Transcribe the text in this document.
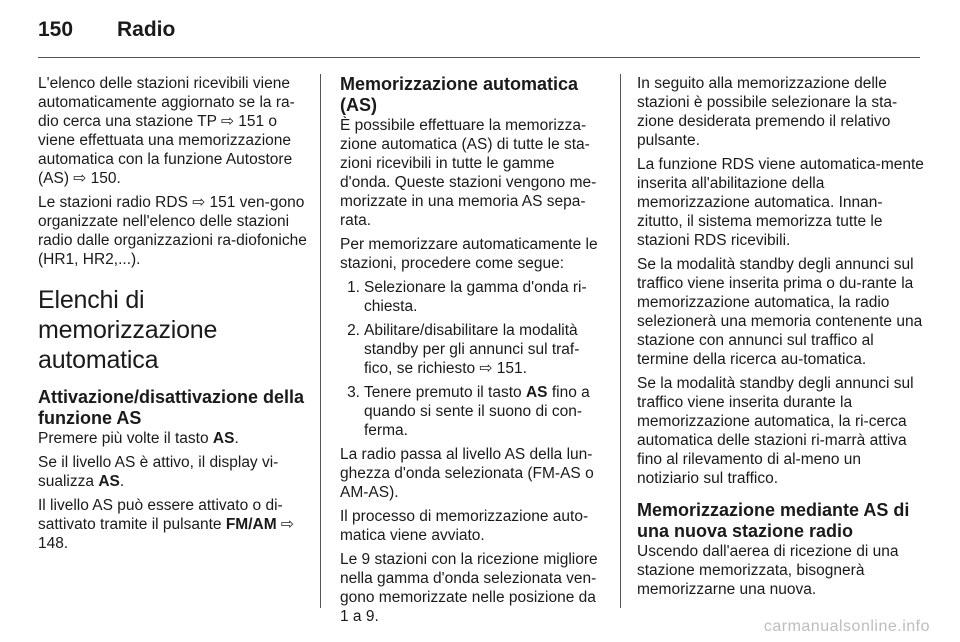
150 Radio

L'elenco delle stazioni ricevibili viene automaticamente aggiornato se la ra-dio cerca una stazione TP ⇨ 151 o viene effettuata una memorizzazione automatica con la funzione Autostore (AS) ⇨ 150.

Le stazioni radio RDS ⇨ 151 ven-gono organizzate nell'elenco delle stazioni radio dalle organizzazioni ra-diofoniche (HR1, HR2,...).

Elenchi di memorizzazione automatica
Attivazione/disattivazione della funzione AS

Premere più volte il tasto AS.

Se il livello AS è attivo, il display vi-sualizza AS.

Il livello AS può essere attivato o di-sattivato tramite il pulsante FM/AM ⇨ 148.

Memorizzazione automatica (AS)

È possibile effettuare la memorizza-zione automatica (AS) di tutte le sta-zioni ricevibili in tutte le gamme d'onda. Queste stazioni vengono me-morizzate in una memoria AS sepa-rata.

Per memorizzare automaticamente le stazioni, procedere come segue:

1. Selezionare la gamma d'onda ri-chiesta.
2. Abilitare/disabilitare la modalità standby per gli annunci sul traf-fico, se richiesto ⇨ 151.
3. Tenere premuto il tasto AS fino a quando si sente il suono di con-ferma.

La radio passa al livello AS della lun-ghezza d'onda selezionata (FM-AS o AM-AS).

Il processo di memorizzazione auto-matica viene avviato.

Le 9 stazioni con la ricezione migliore nella gamma d'onda selezionata ven-gono memorizzate nelle posizione da 1 a 9.

In seguito alla memorizzazione delle stazioni è possibile selezionare la sta-zione desiderata premendo il relativo pulsante.

La funzione RDS viene automatica-mente inserita all'abilitazione della memorizzazione automatica. Innan-zitutto, il sistema memorizza tutte le stazioni RDS ricevibili.

Se la modalità standby degli annunci sul traffico viene inserita prima o du-rante la memorizzazione automatica, la radio selezionerà una memoria contenente una stazione con annunci sul traffico al termine della ricerca au-tomatica.

Se la modalità standby degli annunci sul traffico viene inserita durante la memorizzazione automatica, la ri-cerca automatica delle stazioni ri-marrà attiva fino al rilevamento di al-meno un notiziario sul traffico.

Memorizzazione mediante AS di una nuova stazione radio

Uscendo dall'aerea di ricezione di una stazione memorizzata, bisognerà memorizzarne una nuova.

carmanualsonline.info
